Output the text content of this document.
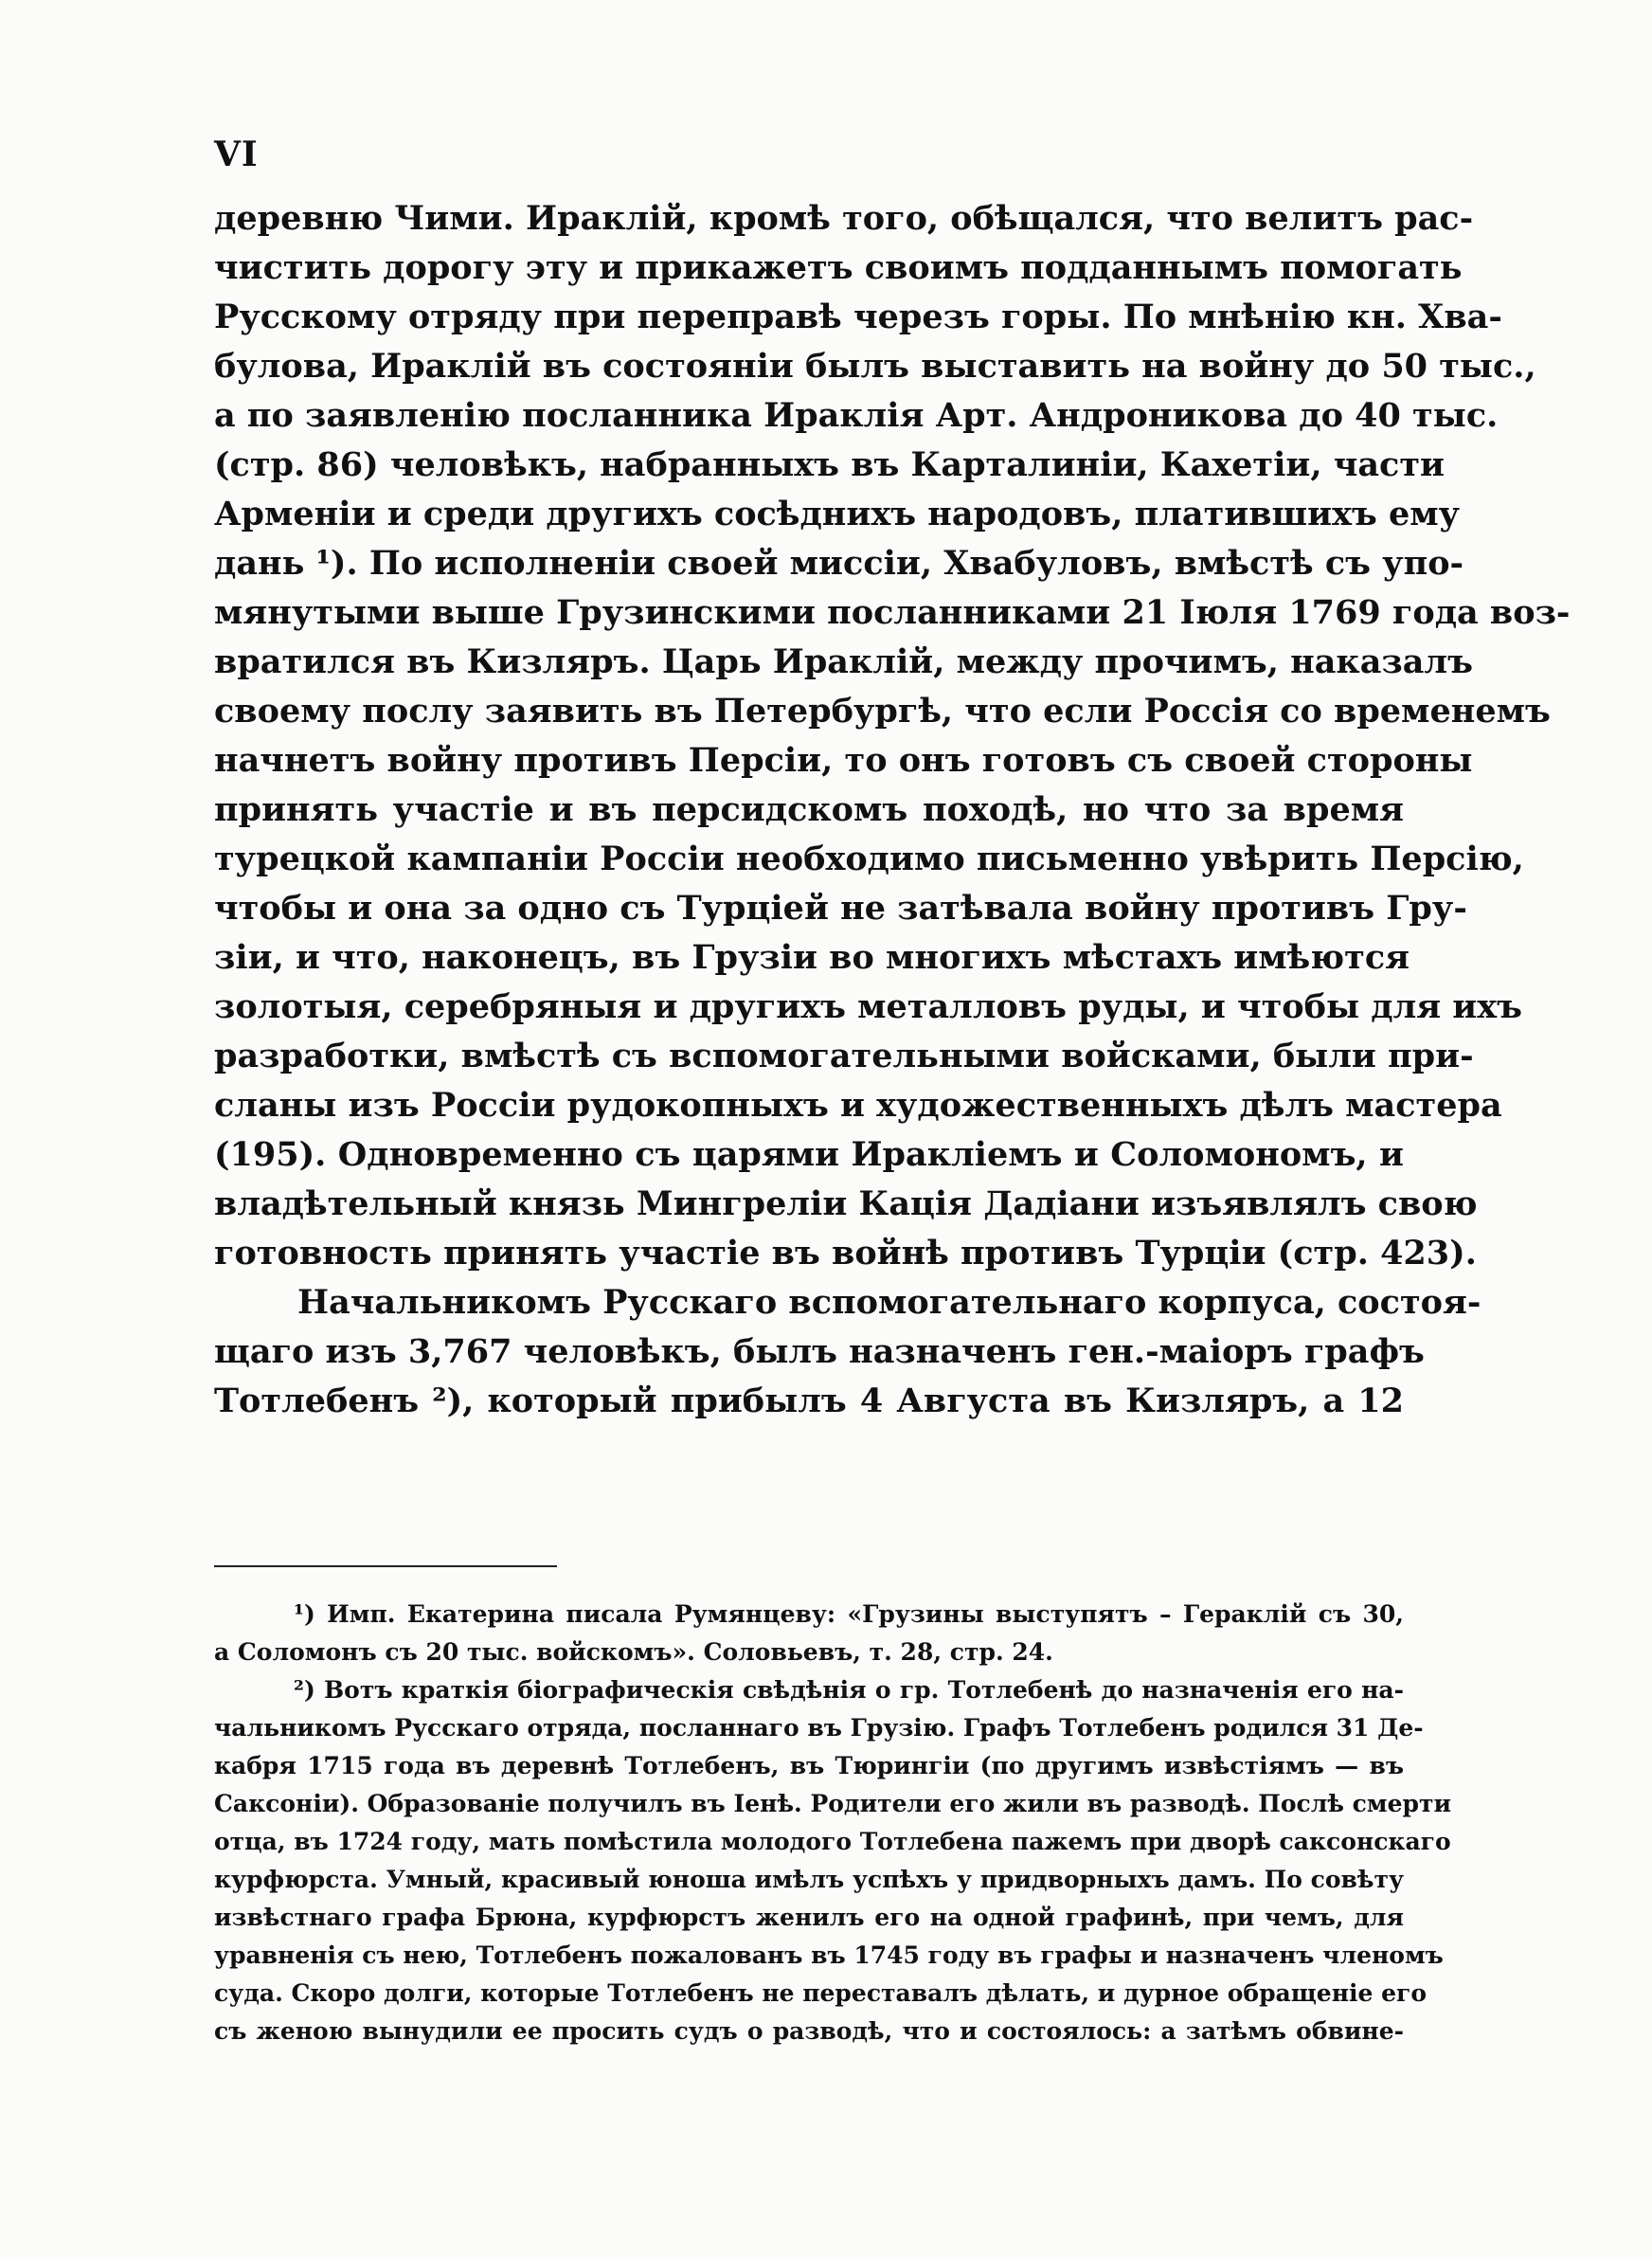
VI
деревню Чими. Ираклій, кромѣ того, обѣщался, что велитъ рас-
чистить дорогу эту и прикажетъ своимъ подданнымъ помогать
Русскому отряду при переправѣ черезъ горы. По мнѣнію кн. Хва-
булова, Ираклій въ состояніи былъ выставить на войну до 50 тыс.,
а по заявленію посланника Ираклія Арт. Андроникова до 40 тыс.
(стр. 86) человѣкъ, набранныхъ въ Карталиніи, Кахетіи, части
Арменіи и среди другихъ сосѣднихъ народовъ, платившихъ ему
дань ¹). По исполненіи своей миссіи, Хвабуловъ, вмѣстѣ съ упо-
мянутыми выше Грузинскими посланниками 21 Іюля 1769 года воз-
вратился въ Кизляръ. Царь Ираклій, между прочимъ, наказалъ
своему послу заявить въ Петербургѣ, что если Россія со временемъ
начнетъ войну противъ Персіи, то онъ готовъ съ своей стороны
принять участіе и въ персидскомъ походѣ, но что за время
турецкой кампаніи Россіи необходимо письменно увѣрить Персію,
чтобы и она за одно съ Турціей не затѣвала войну противъ Гру-
зіи, и что, наконецъ, въ Грузіи во многихъ мѣстахъ имѣются
золотыя, серебряныя и другихъ металловъ руды, и чтобы для ихъ
разработки, вмѣстѣ съ вспомогательными войсками, были при-
сланы изъ Россіи рудокопныхъ и художественныхъ дѣлъ мастера
(195). Одновременно съ царями Ираклiемъ и Соломономъ, и
владѣтельный князь Мингреліи Кація Дадіани изъявлялъ свою
готовность принять участіе въ войнѣ противъ Турціи (стр. 423).
Начальникомъ Русскаго вспомогательнаго корпуса, состоя-
щаго изъ 3,767 человѣкъ, былъ назначенъ ген.-маіоръ графъ
Тотлебенъ ²), который прибылъ 4 Августа въ Кизляръ, а 12
¹) Имп. Екатерина писала Румянцеву: «Грузины выступятъ – Гераклій съ 30,
а Соломонъ съ 20 тыс. войскомъ». Соловьевъ, т. 28, стр. 24.
²) Вотъ краткія біографическія свѣдѣнія о гр. Тотлебенѣ до назначенія его на-
чальникомъ Русскаго отряда, посланнаго въ Грузію. Графъ Тотлебенъ родился 31 Де-
кабря 1715 года въ деревнѣ Тотлебенъ, въ Тюрингіи (по другимъ извѣстіямъ — въ
Саксоніи). Образованіе получилъ въ Іенѣ. Родители его жили въ разводѣ. Послѣ смерти
отца, въ 1724 году, мать помѣстила молодого Тотлебена пажемъ при дворѣ саксонскаго
курфюрста. Умный, красивый юноша имѣлъ успѣхъ у придворныхъ дамъ. По совѣту
извѣстнаго графа Брюна, курфюрстъ женилъ его на одной графинѣ, при чемъ, для
уравненія съ нею, Тотлебенъ пожалованъ въ 1745 году въ графы и назначенъ членомъ
суда. Скоро долги, которые Тотлебенъ не переставалъ дѣлать, и дурное обращеніе его
съ женою вынудили ее просить судъ о разводѣ, что и состоялось: а затѣмъ обвине-
